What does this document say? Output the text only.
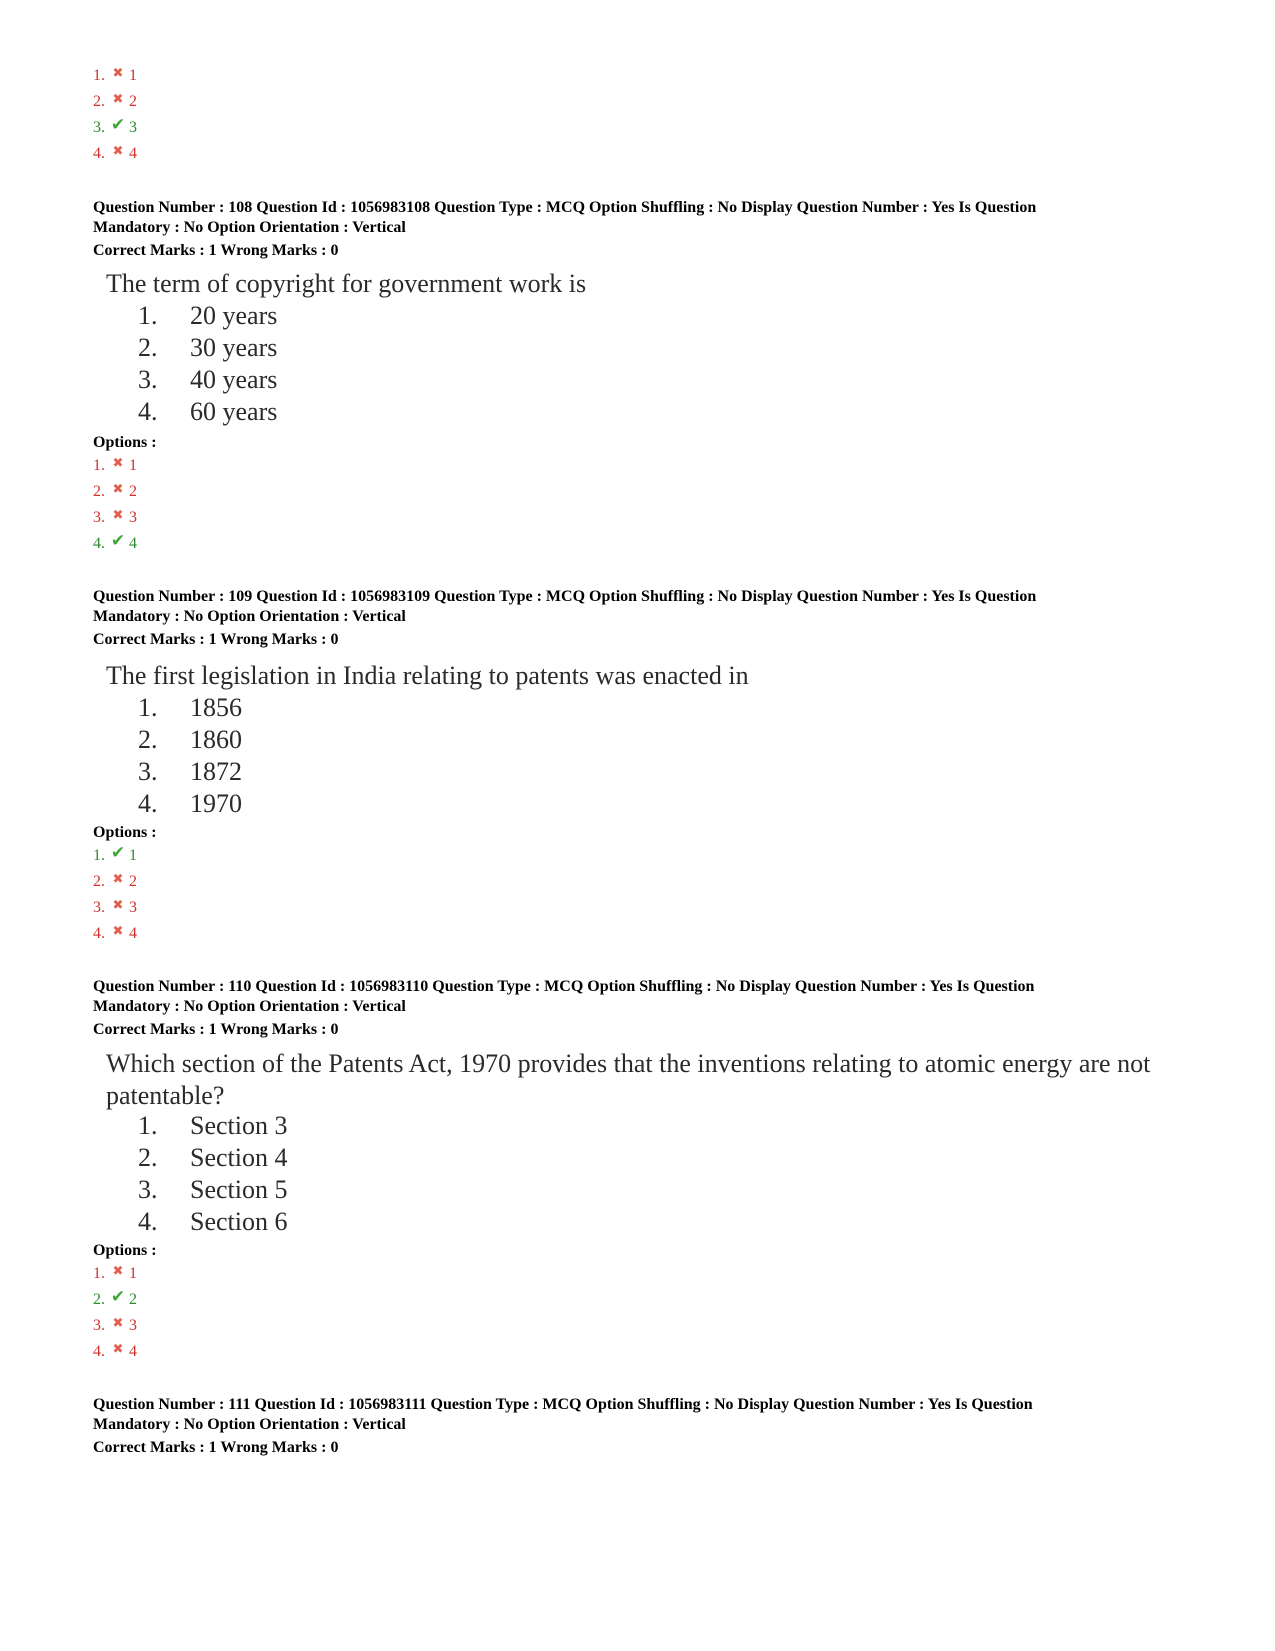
1. ✖ 1
2. ✖ 2
3. ✔ 3
4. ✖ 4
Question Number : 108 Question Id : 1056983108 Question Type : MCQ Option Shuffling : No Display Question Number : Yes Is Question
Mandatory : No Option Orientation : Vertical
Correct Marks : 1 Wrong Marks : 0
The term of copyright for government work is
1. 20 years
2. 30 years
3. 40 years
4. 60 years
Options :
1. ✖ 1
2. ✖ 2
3. ✖ 3
4. ✔ 4
Question Number : 109 Question Id : 1056983109 Question Type : MCQ Option Shuffling : No Display Question Number : Yes Is Question
Mandatory : No Option Orientation : Vertical
Correct Marks : 1 Wrong Marks : 0
The first legislation in India relating to patents was enacted in
1. 1856
2. 1860
3. 1872
4. 1970
Options :
1. ✔ 1
2. ✖ 2
3. ✖ 3
4. ✖ 4
Question Number : 110 Question Id : 1056983110 Question Type : MCQ Option Shuffling : No Display Question Number : Yes Is Question
Mandatory : No Option Orientation : Vertical
Correct Marks : 1 Wrong Marks : 0
Which section of the Patents Act, 1970 provides that the inventions relating to atomic energy are not patentable?
1. Section 3
2. Section 4
3. Section 5
4. Section 6
Options :
1. ✖ 1
2. ✔ 2
3. ✖ 3
4. ✖ 4
Question Number : 111 Question Id : 1056983111 Question Type : MCQ Option Shuffling : No Display Question Number : Yes Is Question
Mandatory : No Option Orientation : Vertical
Correct Marks : 1 Wrong Marks : 0
